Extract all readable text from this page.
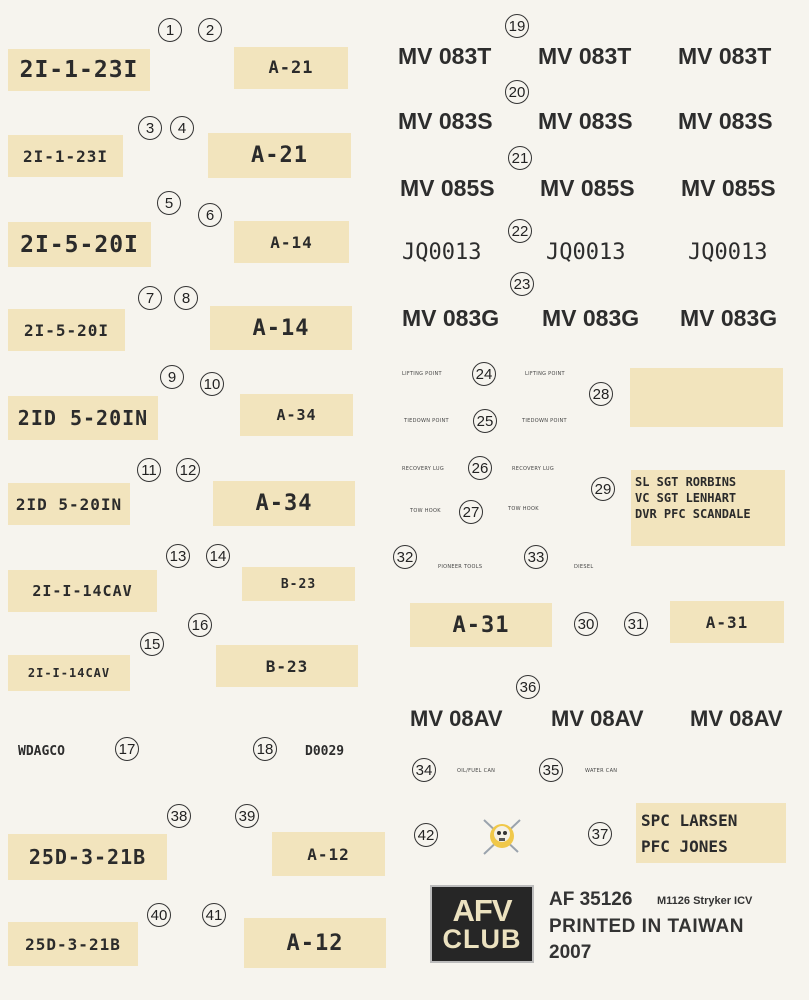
1	2
2I-1-23I	A-21
3	4
2I-1-23I	A-21
5
6
2I-5-20I	A-14
7	8
2I-5-20I	A-14
9	10
2ID 5-20IN	A-34
11 12
2ID 5-20IN	A-34
13 14
2I-I-14CAV	B-23
16
15
2I-I-14CAV	B-23
WDAGCO	17	18 D0029
38	39
25D-3-21B	A-12
40	41
25D-3-21B	A-12
19
MV 083T MV 083T MV 083T
20
MV 083S MV 083S MV 083S
21
MV 085S MV 085S MV 085S
22
JQ0013	JQ0013	JQ0013
23
MV 083G MV 083G MV 083G
LIFTING POINT 24	LIFTING POINT
28
TIEDOWN POINT 25	TIEDOWN POINT
RECOVERY LUG 26	RECOVERY LUG
29	SL SGT RORBINS
VC SGT LENHART
DVR PFC SCANDALE
TOW HOOK 27	TOW HOOK
32
PIONEER TOOLS
33
DIESEL
A-31	30 31	A-31
36
MV 08AV MV 08AV MV 08AV
34	OIL/FUEL CAN	35	WATER CAN
42	37
SPC LARSEN
PFC JONES
AFV
CLUB
AF 35126 M1126 Stryker ICV
PRINTED IN TAIWAN
2007
